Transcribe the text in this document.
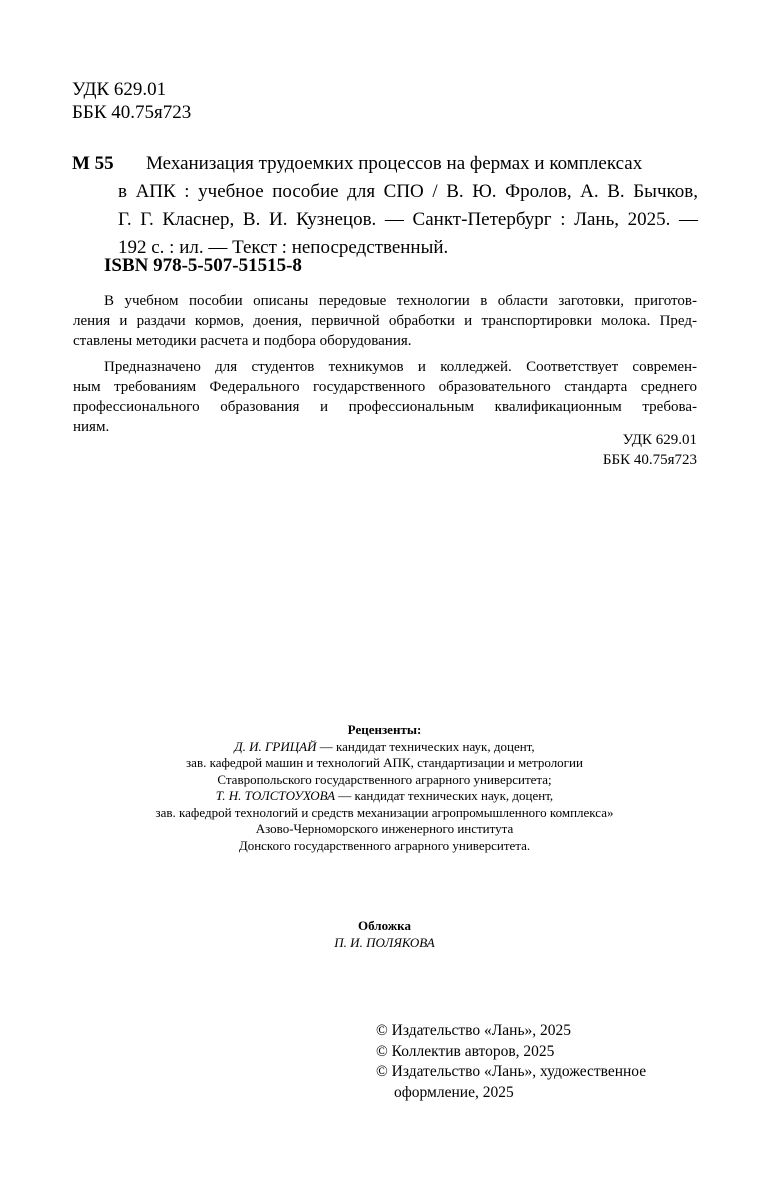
УДК 629.01
ББК 40.75я723
М 55	Механизация трудоемких процессов на фермах и комплексах
в АПК : учебное пособие для СПО / В. Ю. Фролов, А. В. Бычков,
Г. Г. Класнер, В. И. Кузнецов. — Санкт-Петербург : Лань, 2025. —
192 с. : ил. — Текст : непосредственный.
ISBN 978-5-507-51515-8
В учебном пособии описаны передовые технологии в области заготовки, приготов-
ления и раздачи кормов, доения, первичной обработки и транспортировки молока. Пред-
ставлены методики расчета и подбора оборудования.
Предназначено для студентов техникумов и колледжей. Соответствует современ-
ным требованиям Федерального государственного образовательного стандарта среднего
профессионального образования и профессиональным квалификационным требова-
ниям.
УДК 629.01
ББК 40.75я723
Рецензенты:
Д. И. ГРИЦАЙ — кандидат технических наук, доцент,
зав. кафедрой машин и технологий АПК, стандартизации и метрологии
Ставропольского государственного аграрного университета;
Т. Н. ТОЛСТОУХОВА — кандидат технических наук, доцент,
зав. кафедрой технологий и средств механизации агропромышленного комплекса»
Азово-Черноморского инженерного института
Донского государственного аграрного университета.
Обложка
П. И. ПОЛЯКОВА
© Издательство «Лань», 2025
© Коллектив авторов, 2025
© Издательство «Лань», художественное
оформление, 2025
